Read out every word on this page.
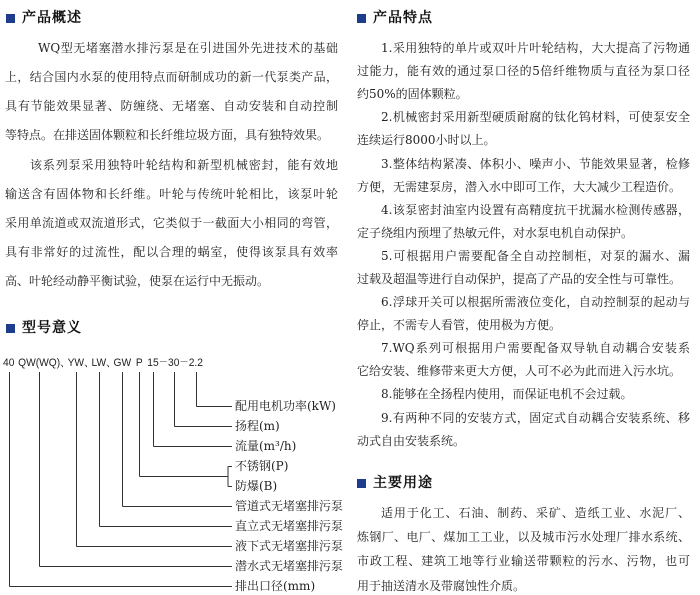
产品概述
WQ型无堵塞潜水排污泵是在引进国外先进技术的基础
上，结合国内水泵的使用特点而研制成功的新一代泵类产品，
具有节能效果显著、防缠绕、无堵塞、自动安装和自动控制
等特点。在排送固体颗粒和长纤维垃圾方面，具有独特效果。
该系列泵采用独特叶轮结构和新型机械密封，能有效地
输送含有固体物和长纤维。叶轮与传统叶轮相比，该泵叶轮
采用单流道或双流道形式，它类似于一截面大小相同的弯管，
具有非常好的过流性，配以合理的蜗室，使得该泵具有效率
高、叶轮经动静平衡试验，使泵在运行中无振动。
型号意义
40 QW(WQ) 、
YW 、
LW 、
GW P 15 － 30 － 2.2
配用电机功率(kW)
扬程(m)
流量(m³/h)
不锈钢(P)
防爆(B)
管道式无堵塞排污泵
直立式无堵塞排污泵
液下式无堵塞排污泵
潜水式无堵塞排污泵
排出口径(mm)
产品特点
1.采用独特的单片或双叶片叶轮结构，大大提高了污物通
过能力，能有效的通过泵口径的5倍纤维物质与直径为泵口径
约50%的固体颗粒。
2.机械密封采用新型硬质耐腐的钛化钨材料，可使泵安全
连续运行8000小时以上。
3.整体结构紧凑、体积小、噪声小、节能效果显著，检修
方便，无需建泵房，潜入水中即可工作，大大减少工程造价。
4.该泵密封油室内设置有高精度抗干扰漏水检测传感器，
定子绕组内预埋了热敏元件，对水泵电机自动保护。
5.可根据用户需要配备全自动控制柜，对泵的漏水、漏
过载及超温等进行自动保护，提高了产品的安全性与可靠性。
6.浮球开关可以根据所需液位变化，自动控制泵的起动与
停止，不需专人看管，使用极为方便。
7.WQ系列可根据用户需要配备双导轨自动耦合安装系
它给安装、维修带来更大方便，人可不必为此而进入污水坑。
8.能够在全扬程内使用，而保证电机不会过载。
9.有两种不同的安装方式，固定式自动耦合安装系统、移
动式自由安装系统。
主要用途
适用于化工、石油、制药、采矿、造纸工业、水泥厂、
炼钢厂、电厂、煤加工工业，以及城市污水处理厂排水系统、
市政工程、建筑工地等行业输送带颗粒的污水、污物，也可
用于抽送清水及带腐蚀性介质。
